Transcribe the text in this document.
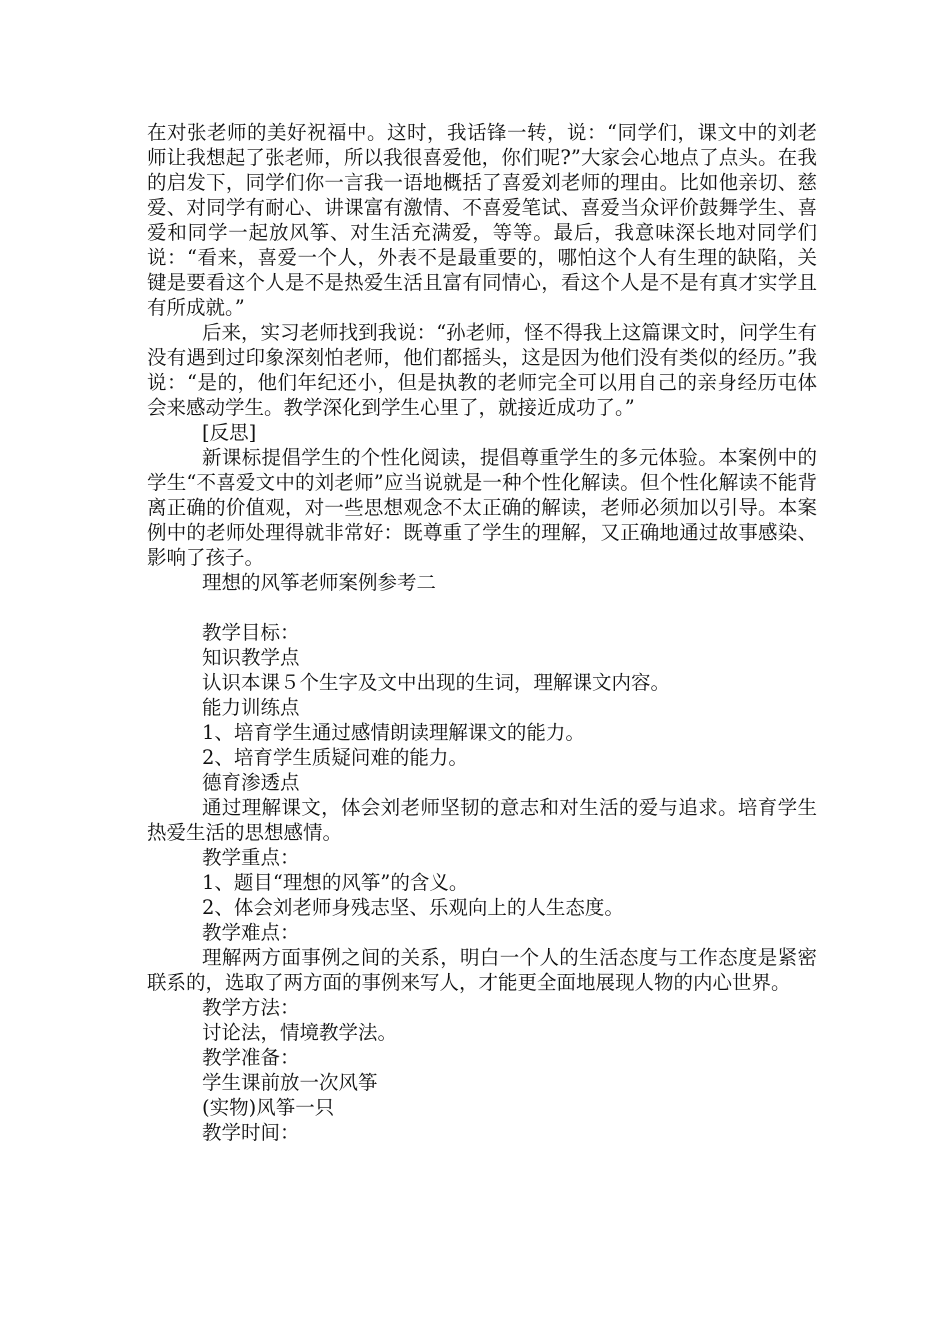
在对张老师的美好祝福中。这时，我话锋一转，说：“同学们，课文中的刘老师让我想起了张老师，所以我很喜爱他，你们呢?”大家会心地点了点头。在我的启发下，同学们你一言我一语地概括了喜爱刘老师的理由。比如他亲切、慈爱、对同学有耐心、讲课富有激情、不喜爱笔试、喜爱当众评价鼓舞学生、喜爱和同学一起放风筝、对生活充满爱，等等。最后，我意味深长地对同学们说：“看来，喜爱一个人，外表不是最重要的，哪怕这个人有生理的缺陷，关键是要看这个人是不是热爱生活且富有同情心，看这个人是不是有真才实学且有所成就。”

后来，实习老师找到我说：“孙老师，怪不得我上这篇课文时，问学生有没有遇到过印象深刻怕老师，他们都摇头，这是因为他们没有类似的经历。”我说：“是的，他们年纪还小，但是执教的老师完全可以用自己的亲身经历屯体会来感动学生。教学深化到学生心里了，就接近成功了。”

[反思]

新课标提倡学生的个性化阅读，提倡尊重学生的多元体验。本案例中的学生“不喜爱文中的刘老师”应当说就是一种个性化解读。但个性化解读不能背离正确的价值观，对一些思想观念不太正确的解读，老师必须加以引导。本案例中的老师处理得就非常好：既尊重了学生的理解，又正确地通过故事感染、影响了孩子。

理想的风筝老师案例参考二

教学目标：

知识教学点

认识本课５个生字及文中出现的生词，理解课文内容。

能力训练点

1、培育学生通过感情朗读理解课文的能力。

2、培育学生质疑问难的能力。

德育渗透点

通过理解课文，体会刘老师坚韧的意志和对生活的爱与追求。培育学生热爱生活的思想感情。

教学重点：

1、题目“理想的风筝”的含义。

2、体会刘老师身残志坚、乐观向上的人生态度。

教学难点：

理解两方面事例之间的关系，明白一个人的生活态度与工作态度是紧密联系的，选取了两方面的事例来写人，才能更全面地展现人物的内心世界。

教学方法：

讨论法，情境教学法。

教学准备：

学生课前放一次风筝

(实物)风筝一只

教学时间：
